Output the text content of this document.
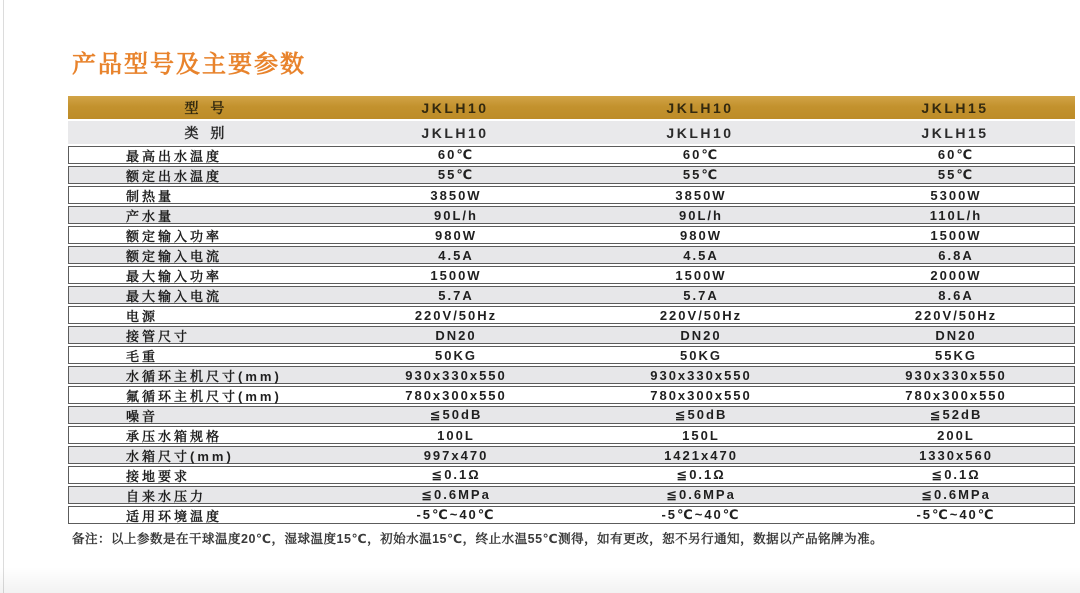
产品型号及主要参数
型 号	JKLH10	JKLH10	JKLH15
类 别	JKLH10	JKLH10	JKLH15
最高出水温度	60℃	60℃	60℃
额定出水温度	55℃	55℃	55℃
制热量	3850W	3850W	5300W
产水量	90L/h	90L/h	110L/h
额定输入功率	980W	980W	1500W
额定输入电流	4.5A	4.5A	6.8A
最大输入功率	1500W	1500W	2000W
最大输入电流	5.7A	5.7A	8.6A
电源	220V/50Hz	220V/50Hz	220V/50Hz
接管尺寸	DN20	DN20	DN20
毛重	50KG	50KG	55KG
水循环主机尺寸(mm)	930x330x550	930x330x550	930x330x550
氟循环主机尺寸(mm)	780x300x550	780x300x550	780x300x550
噪音	≦50dB	≦50dB	≦52dB
承压水箱规格	100L	150L	200L
水箱尺寸(mm)	997x470	1421x470	1330x560
接地要求	≦0.1Ω	≦0.1Ω	≦0.1Ω
自来水压力	≦0.6MPa	≦0.6MPa	≦0.6MPa
适用环境温度	-5℃~40℃	-5℃~40℃	-5℃~40℃
备注：以上参数是在干球温度20℃，湿球温度15℃，初始水温15℃，终止水温55℃测得，如有更改，恕不另行通知，数据以产品铭牌为准。
